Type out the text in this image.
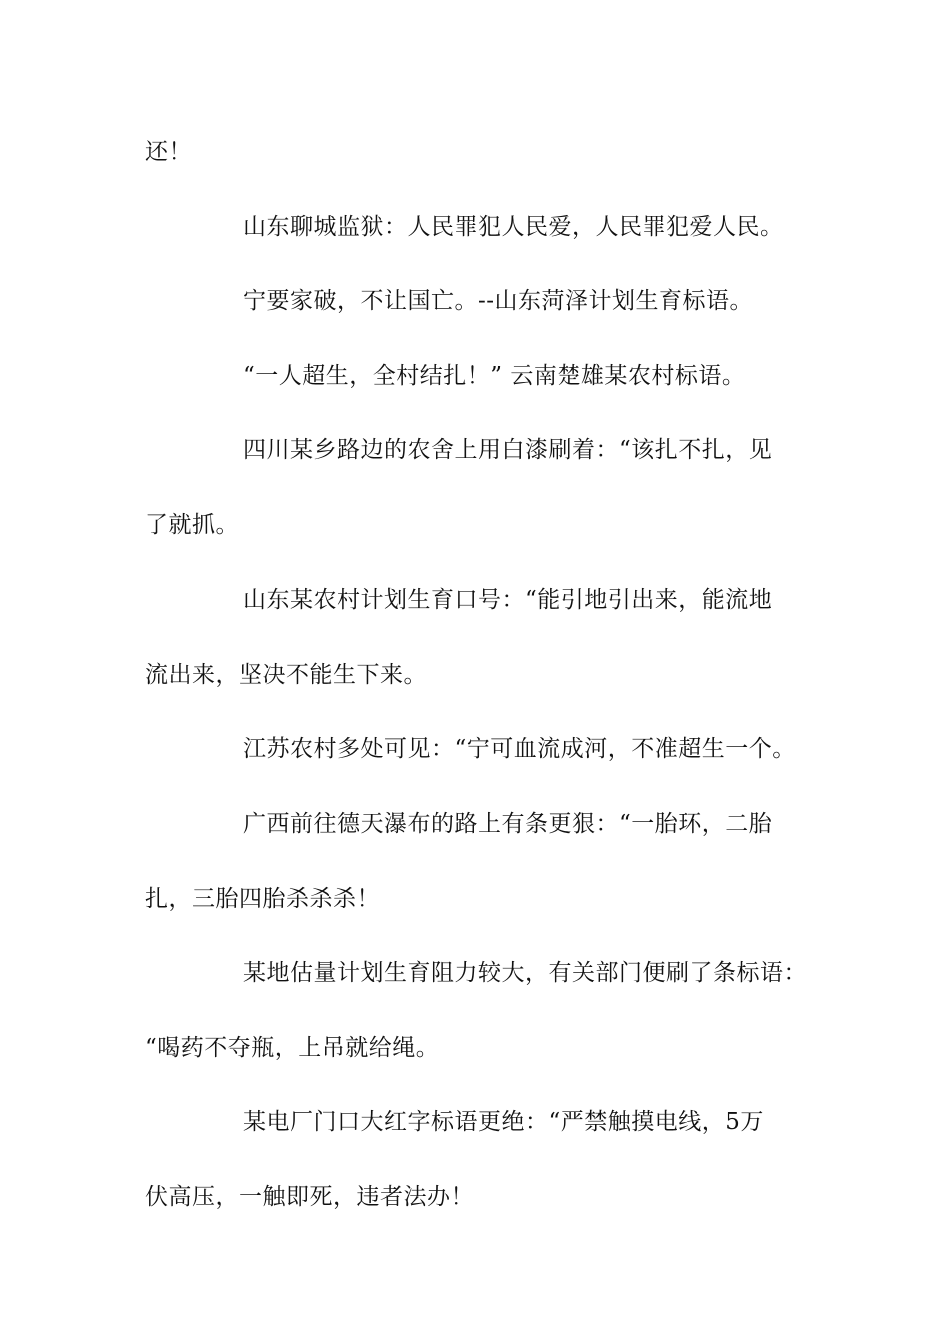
还！
山东聊城监狱：人民罪犯人民爱，人民罪犯爱人民。
宁要家破，不让国亡。--山东菏泽计划生育标语。
“一人超生，全村结扎！” 云南楚雄某农村标语。
四川某乡路边的农舍上用白漆刷着：“该扎不扎，见
了就抓。
山东某农村计划生育口号：“能引地引出来，能流地
流出来，坚决不能生下来。
江苏农村多处可见：“宁可血流成河，不准超生一个。
广西前往德天瀑布的路上有条更狠：“一胎环，二胎
扎，三胎四胎杀杀杀！
某地估量计划生育阻力较大，有关部门便刷了条标语：
“喝药不夺瓶，上吊就给绳。
某电厂门口大红字标语更绝：“严禁触摸电线，5万
伏高压，一触即死，违者法办！
